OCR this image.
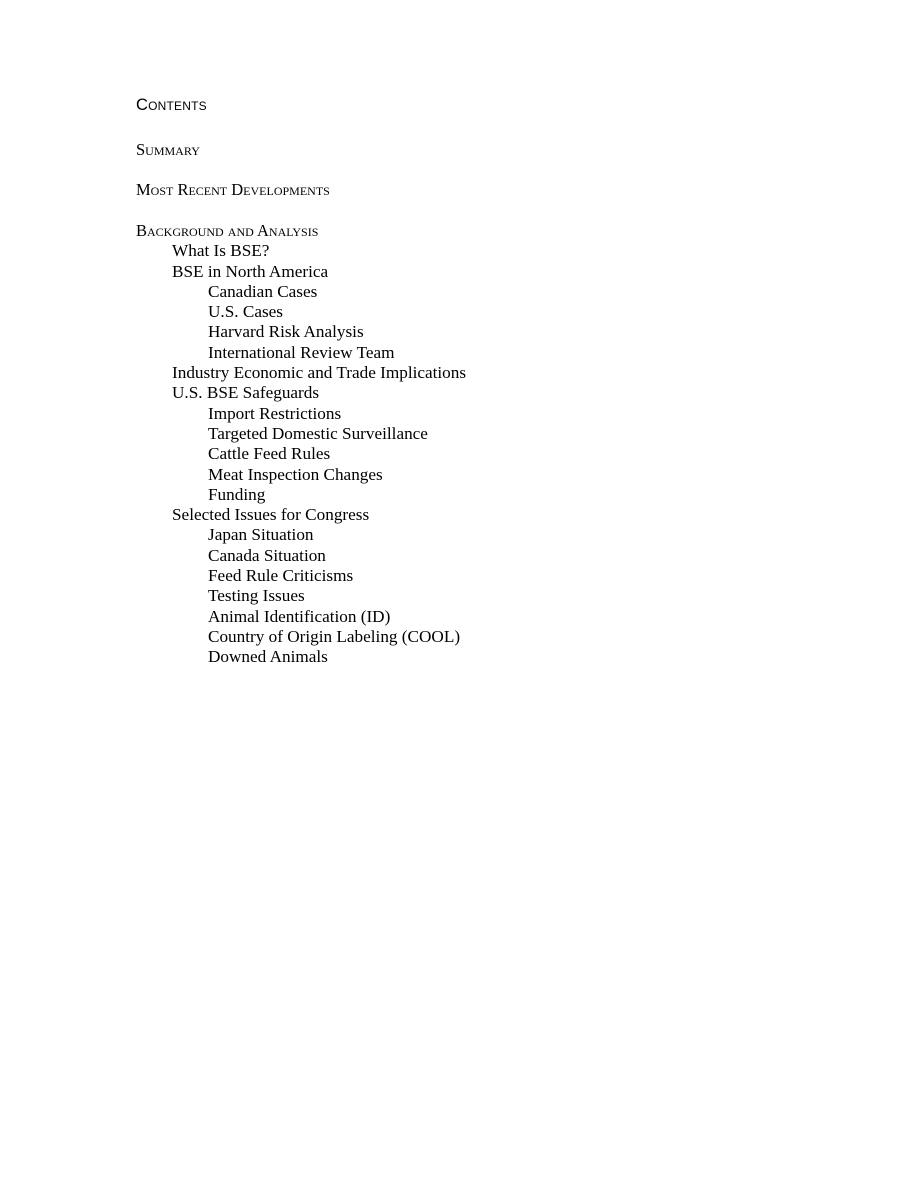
Contents
Summary
Most Recent Developments
Background and Analysis
What Is BSE?
BSE in North America
Canadian Cases
U.S. Cases
Harvard Risk Analysis
International Review Team
Industry Economic and Trade Implications
U.S. BSE Safeguards
Import Restrictions
Targeted Domestic Surveillance
Cattle Feed Rules
Meat Inspection Changes
Funding
Selected Issues for Congress
Japan Situation
Canada Situation
Feed Rule Criticisms
Testing Issues
Animal Identification (ID)
Country of Origin Labeling (COOL)
Downed Animals
